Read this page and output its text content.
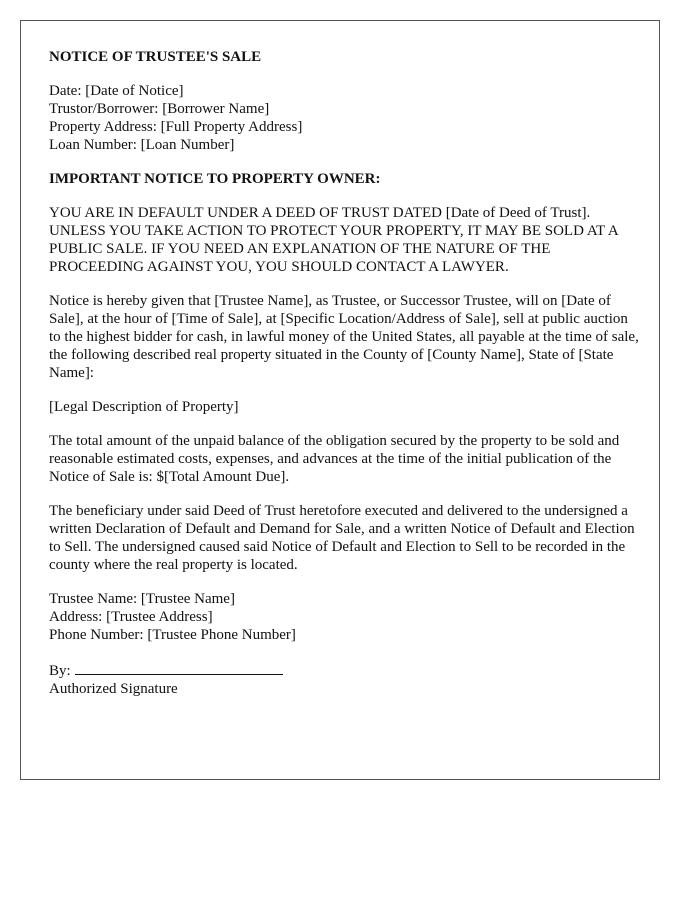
NOTICE OF TRUSTEE'S SALE
Date: [Date of Notice]
Trustor/Borrower: [Borrower Name]
Property Address: [Full Property Address]
Loan Number: [Loan Number]
IMPORTANT NOTICE TO PROPERTY OWNER:
YOU ARE IN DEFAULT UNDER A DEED OF TRUST DATED [Date of Deed of Trust]. UNLESS YOU TAKE ACTION TO PROTECT YOUR PROPERTY, IT MAY BE SOLD AT A PUBLIC SALE. IF YOU NEED AN EXPLANATION OF THE NATURE OF THE PROCEEDING AGAINST YOU, YOU SHOULD CONTACT A LAWYER.
Notice is hereby given that [Trustee Name], as Trustee, or Successor Trustee, will on [Date of Sale], at the hour of [Time of Sale], at [Specific Location/Address of Sale], sell at public auction to the highest bidder for cash, in lawful money of the United States, all payable at the time of sale, the following described real property situated in the County of [County Name], State of [State Name]:
[Legal Description of Property]
The total amount of the unpaid balance of the obligation secured by the property to be sold and reasonable estimated costs, expenses, and advances at the time of the initial publication of the Notice of Sale is: $[Total Amount Due].
The beneficiary under said Deed of Trust heretofore executed and delivered to the undersigned a written Declaration of Default and Demand for Sale, and a written Notice of Default and Election to Sell. The undersigned caused said Notice of Default and Election to Sell to be recorded in the county where the real property is located.
Trustee Name: [Trustee Name]
Address: [Trustee Address]
Phone Number: [Trustee Phone Number]
By:
Authorized Signature
